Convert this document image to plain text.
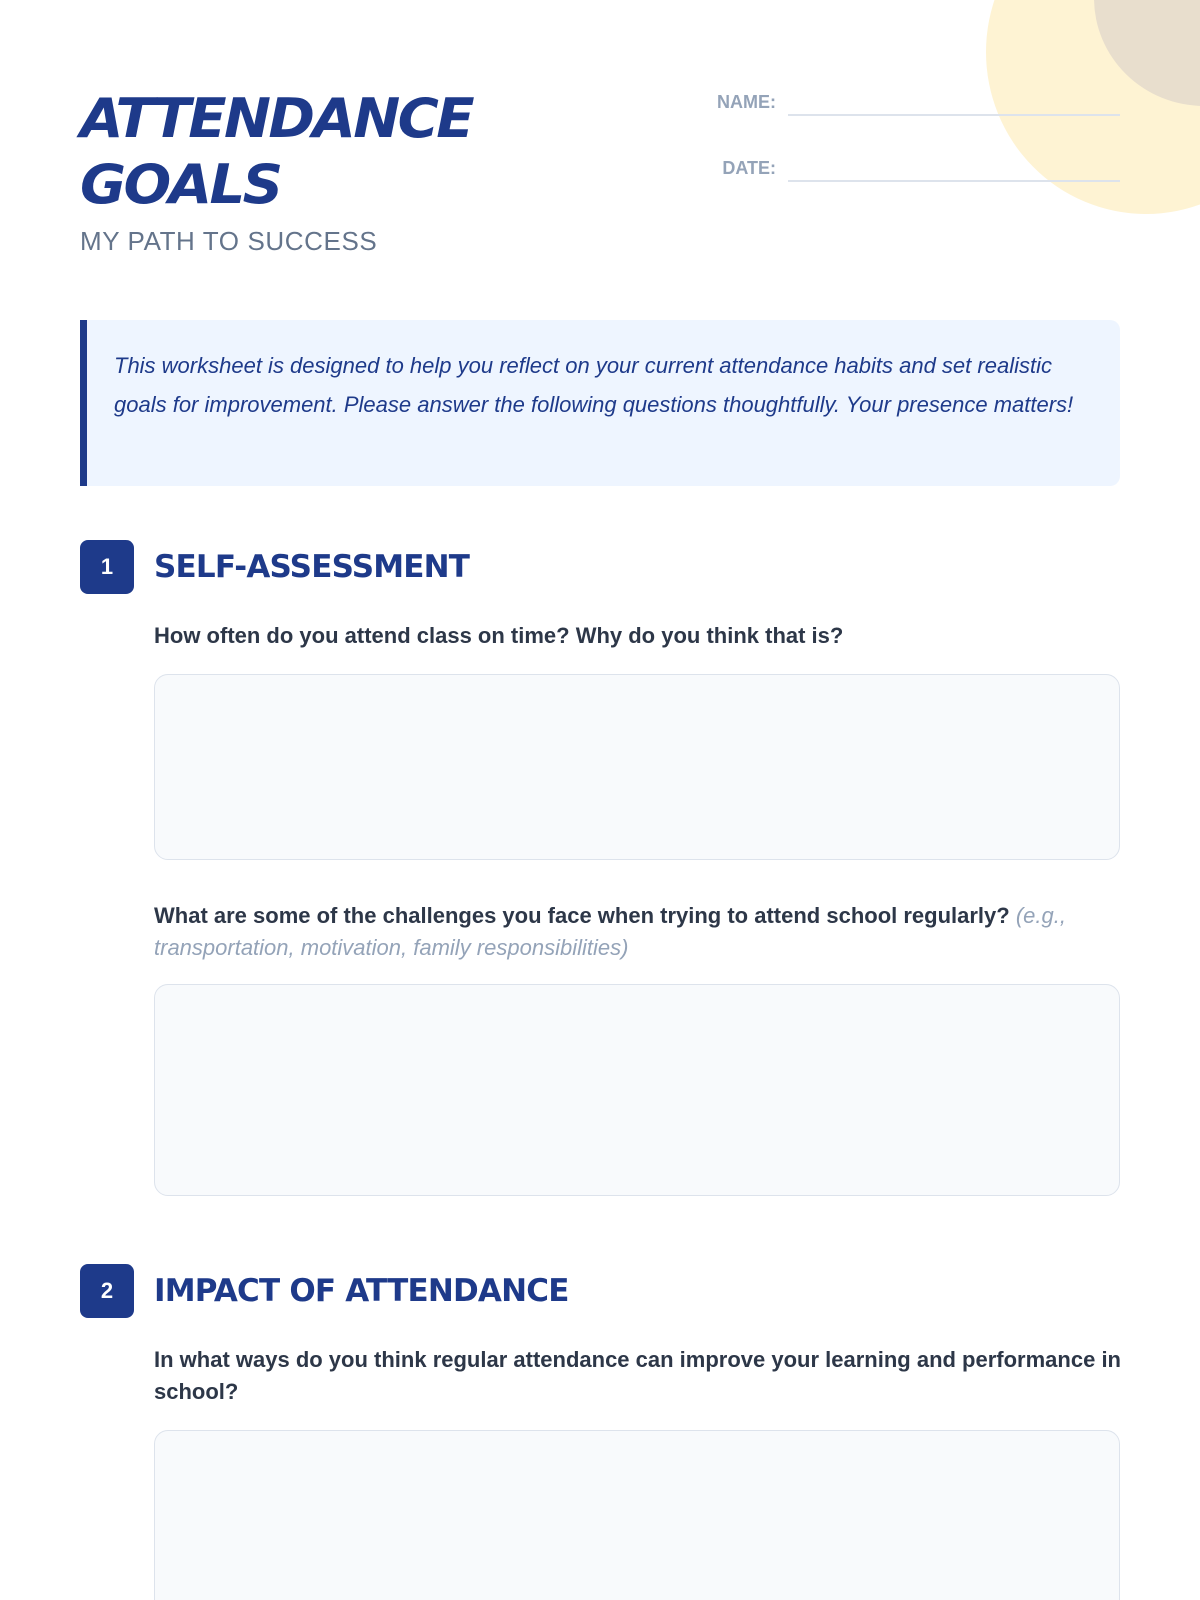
ATTENDANCE
GOALS
MY PATH TO SUCCESS
NAME:
DATE:

This worksheet is designed to help you reflect on your current attendance habits and set realistic goals for improvement. Please answer the following questions thoughtfully. Your presence matters!

1	SELF-ASSESSMENT

How often do you attend class on time? Why do you think that is?

What are some of the challenges you face when trying to attend school regularly? (e.g., transportation, motivation, family responsibilities)

2	IMPACT OF ATTENDANCE

In what ways do you think regular attendance can improve your learning and performance in school?
